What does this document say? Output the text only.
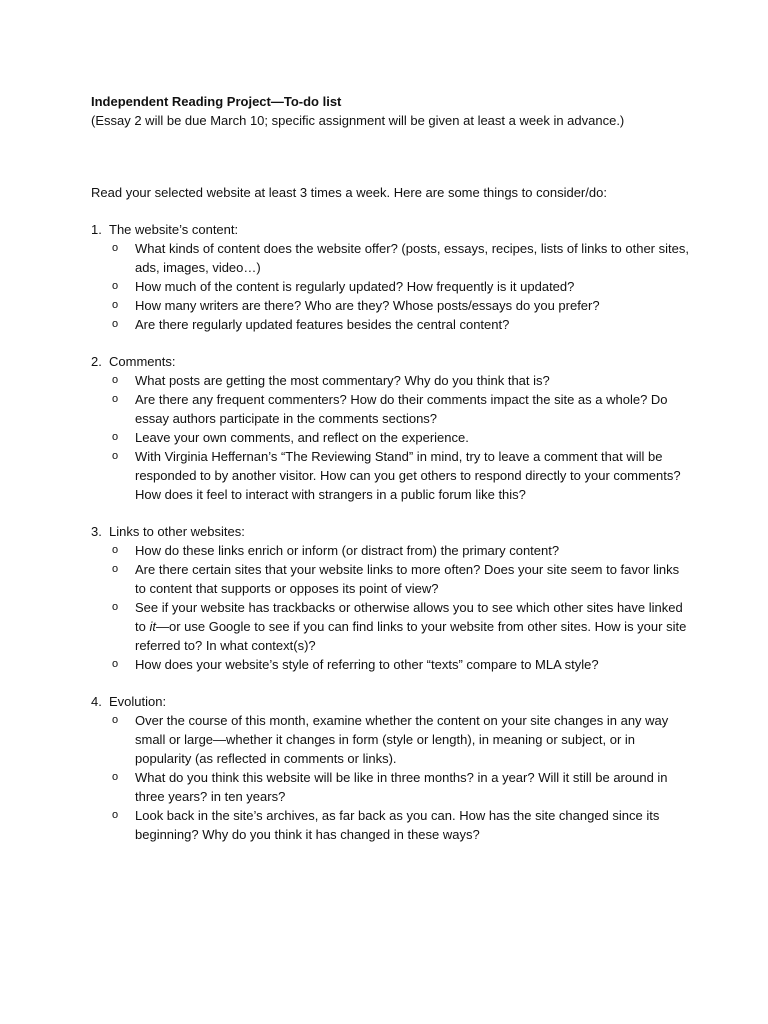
Independent Reading Project—To-do list

(Essay 2 will be due March 10; specific assignment will be given at least a week in advance.)

Read your selected website at least 3 times a week. Here are some things to consider/do:

1. The website’s content:
o What kinds of content does the website offer? (posts, essays, recipes, lists of links to other sites, ads, images, video…)
o How much of the content is regularly updated? How frequently is it updated?
o How many writers are there? Who are they? Whose posts/essays do you prefer?
o Are there regularly updated features besides the central content?
2. Comments:
o What posts are getting the most commentary? Why do you think that is?
o Are there any frequent commenters? How do their comments impact the site as a whole? Do essay authors participate in the comments sections?
o Leave your own comments, and reflect on the experience.
o With Virginia Heffernan’s “The Reviewing Stand” in mind, try to leave a comment that will be responded to by another visitor. How can you get others to respond directly to your comments? How does it feel to interact with strangers in a public forum like this?
3. Links to other websites:
o How do these links enrich or inform (or distract from) the primary content?
o Are there certain sites that your website links to more often? Does your site seem to favor links to content that supports or opposes its point of view?
o See if your website has trackbacks or otherwise allows you to see which other sites have linked to it—or use Google to see if you can find links to your website from other sites. How is your site referred to? In what context(s)?
o How does your website’s style of referring to other “texts” compare to MLA style?
4. Evolution:
o Over the course of this month, examine whether the content on your site changes in any way small or large—whether it changes in form (style or length), in meaning or subject, or in popularity (as reflected in comments or links).
o What do you think this website will be like in three months? in a year? Will it still be around in three years? in ten years?
o Look back in the site’s archives, as far back as you can. How has the site changed since its beginning? Why do you think it has changed in these ways?
